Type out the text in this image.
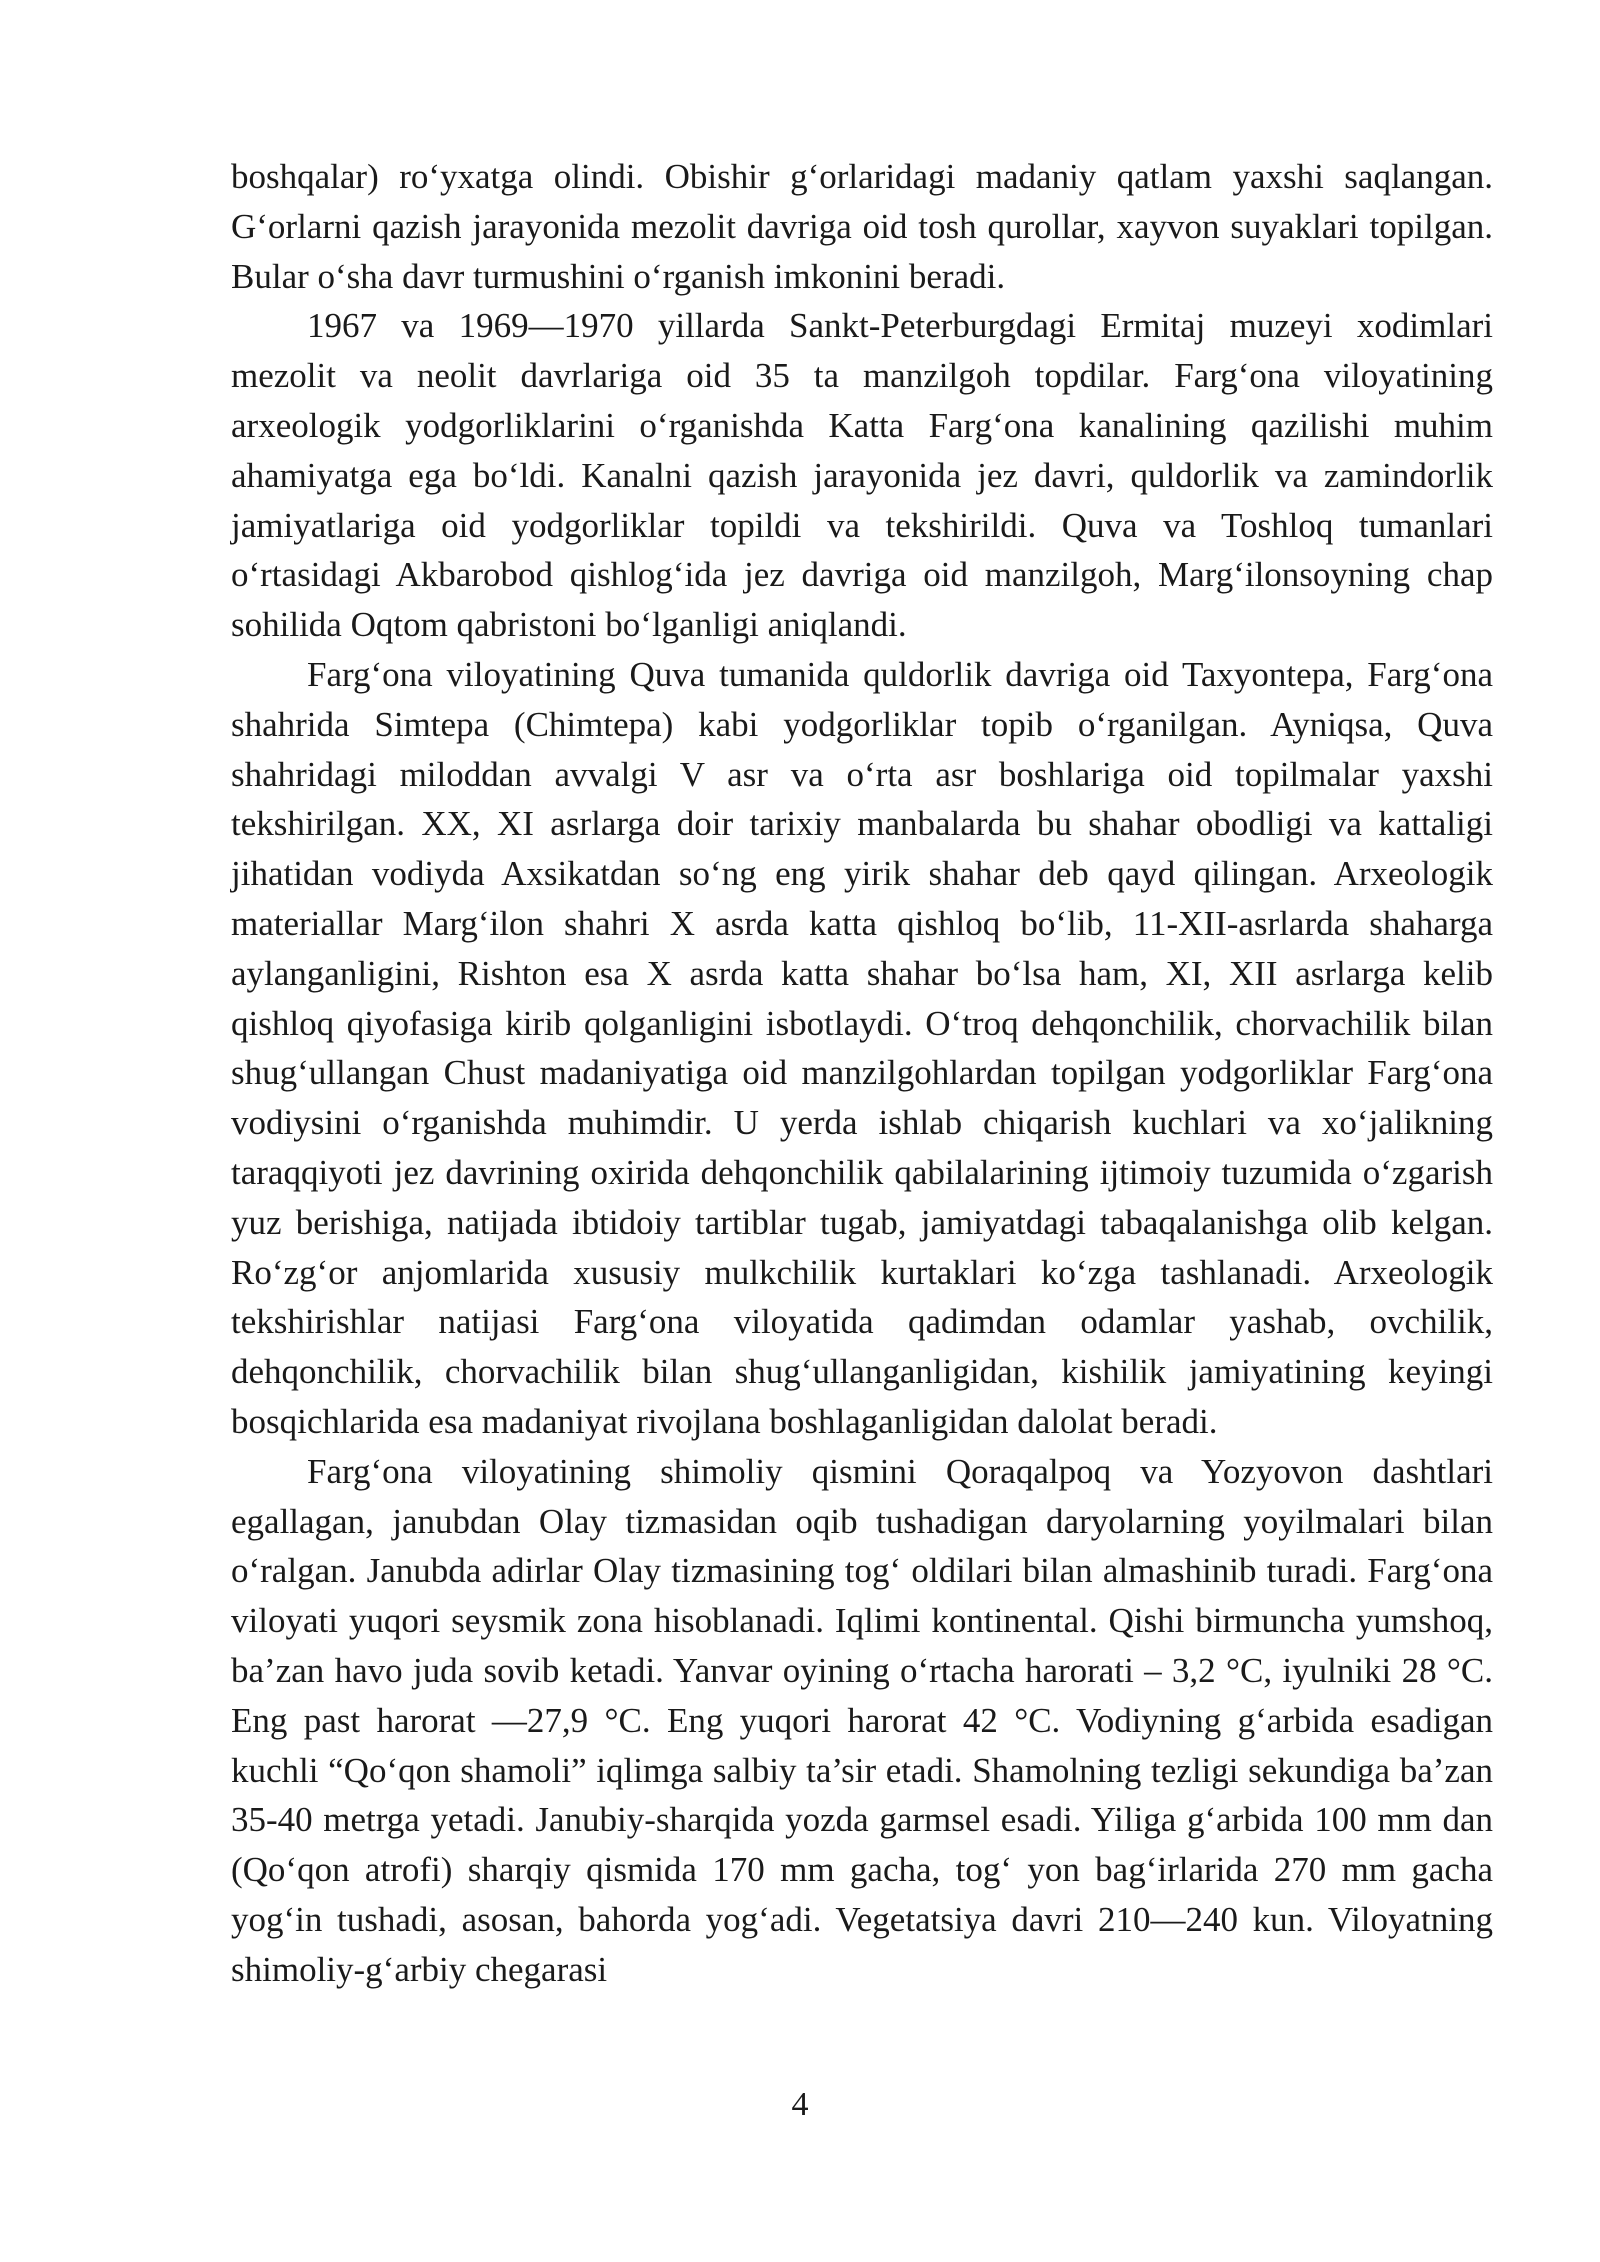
boshqalar) ro‘yxatga olindi. Obishir g‘orlaridagi madaniy qatlam yaxshi saqlangan. G‘orlarni qazish jarayonida mezolit davriga oid tosh qurollar, xayvon suyaklari topilgan. Bular o‘sha davr turmushini o‘rganish imkonini beradi.

1967 va 1969—1970 yillarda Sankt-Peterburgdagi Ermitaj muzeyi xodimlari mezolit va neolit davrlariga oid 35 ta manzilgoh topdilar. Farg‘ona viloyatining arxeologik yodgorliklarini o‘rganishda Katta Farg‘ona kanalining qazilishi muhim ahamiyatga ega bo‘ldi. Kanalni qazish jarayonida jez davri, quldorlik va zamindorlik jamiyatlariga oid yodgorliklar topildi va tekshirildi. Quva va Toshloq tumanlari o‘rtasidagi Akbarobod qishlog‘ida jez davriga oid manzilgoh, Marg‘ilonsoyning chap sohilida Oqtom qabristoni bo‘lganligi aniqlandi.

Farg‘ona viloyatining Quva tumanida quldorlik davriga oid Taxyontepa, Farg‘ona shahrida Simtepa (Chimtepa) kabi yodgorliklar topib o‘rganilgan. Ayniqsa, Quva shahridagi miloddan avvalgi V asr va o‘rta asr boshlariga oid topilmalar yaxshi tekshirilgan. XX, XI asrlarga doir tarixiy manbalarda bu shahar obodligi va kattaligi jihatidan vodiyda Axsikatdan so‘ng eng yirik shahar deb qayd qilingan. Arxeologik materiallar Marg‘ilon shahri X asrda katta qishloq bo‘lib, 11-XII-asrlarda shaharga aylanganligini, Rishton esa X asrda katta shahar bo‘lsa ham, XI, XII asrlarga kelib qishloq qiyofasiga kirib qolganligini isbotlaydi. O‘troq dehqonchilik, chorvachilik bilan shug‘ullangan Chust madaniyatiga oid manzilgohlardan topilgan yodgorliklar Farg‘ona vodiysini o‘rganishda muhimdir. U yerda ishlab chiqarish kuchlari va xo‘jalikning taraqqiyoti jez davrining oxirida dehqonchilik qabilalarining ijtimoiy tuzumida o‘zgarish yuz berishiga, natijada ibtidoiy tartiblar tugab, jamiyatdagi tabaqalanishga olib kelgan. Ro‘zg‘or anjomlarida xususiy mulkchilik kurtaklari ko‘zga tashlanadi. Arxeologik tekshirishlar natijasi Farg‘ona viloyatida qadimdan odamlar yashab, ovchilik, dehqonchilik, chorvachilik bilan shug‘ullanganligidan, kishilik jamiyatining keyingi bosqichlarida esa madaniyat rivojlana boshlaganligidan dalolat beradi.

Farg‘ona viloyatining shimoliy qismini Qoraqalpoq va Yozyovon dashtlari egallagan, janubdan Olay tizmasidan oqib tushadigan daryolarning yoyilmalari bilan o‘ralgan. Janubda adirlar Olay tizmasining tog‘ oldilari bilan almashinib turadi. Farg‘ona viloyati yuqori seysmik zona hisoblanadi. Iqlimi kontinental. Qishi birmuncha yumshoq, ba’zan havo juda sovib ketadi. Yanvar oyining o‘rtacha harorati – 3,2 °C, iyulniki 28 °C. Eng past harorat —27,9 °C. Eng yuqori harorat 42 °C. Vodiyning g‘arbida esadigan kuchli “Qo‘qon shamoli” iqlimga salbiy ta’sir etadi. Shamolning tezligi sekundiga ba’zan 35-40 metrga yetadi. Janubiy-sharqida yozda garmsel esadi. Yiliga g‘arbida 100 mm dan (Qo‘qon atrofi) sharqiy qismida 170 mm gacha, tog‘ yon bag‘irlarida 270 mm gacha yog‘in tushadi, asosan, bahorda yog‘adi. Vegetatsiya davri 210—240 kun. Viloyatning shimoliy-g‘arbiy chegarasi

4
